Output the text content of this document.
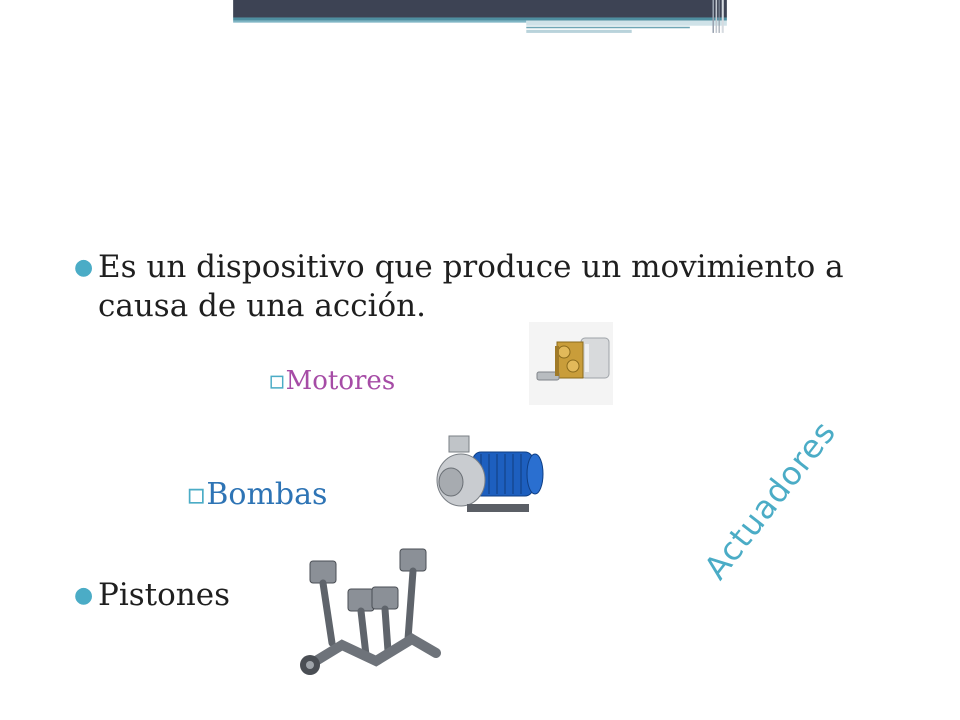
● Es un dispositivo que produce un movimiento a causa de una acción.
▫Motores
▫Bombas
● Pistones
Actuadores
